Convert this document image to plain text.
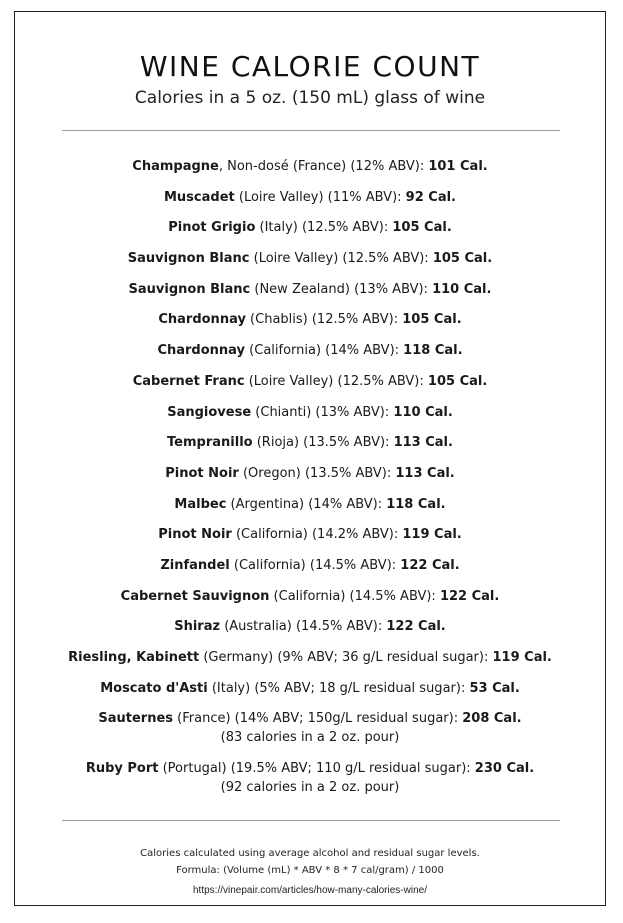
WINE CALORIE COUNT

Calories in a 5 oz. (150 mL) glass of wine

Champagne, Non-dosé (France) (12% ABV): 101 Cal.
Muscadet (Loire Valley) (11% ABV): 92 Cal.
Pinot Grigio (Italy) (12.5% ABV): 105 Cal.
Sauvignon Blanc (Loire Valley) (12.5% ABV): 105 Cal.
Sauvignon Blanc (New Zealand) (13% ABV): 110 Cal.
Chardonnay (Chablis) (12.5% ABV): 105 Cal.
Chardonnay (California) (14% ABV): 118 Cal.
Cabernet Franc (Loire Valley) (12.5% ABV): 105 Cal.
Sangiovese (Chianti) (13% ABV): 110 Cal.
Tempranillo (Rioja) (13.5% ABV): 113 Cal.
Pinot Noir (Oregon) (13.5% ABV): 113 Cal.
Malbec (Argentina) (14% ABV): 118 Cal.
Pinot Noir (California) (14.2% ABV): 119 Cal.
Zinfandel (California) (14.5% ABV): 122 Cal.
Cabernet Sauvignon (California) (14.5% ABV): 122 Cal.
Shiraz (Australia) (14.5% ABV): 122 Cal.
Riesling, Kabinett (Germany) (9% ABV; 36 g/L residual sugar): 119 Cal.
Moscato d'Asti (Italy) (5% ABV; 18 g/L residual sugar): 53 Cal.
Sauternes (France) (14% ABV; 150g/L residual sugar): 208 Cal.
(83 calories in a 2 oz. pour)
Ruby Port (Portugal) (19.5% ABV; 110 g/L residual sugar): 230 Cal.
(92 calories in a 2 oz. pour)
Calories calculated using average alcohol and residual sugar levels.
Formula: (Volume (mL) * ABV * 8 * 7 cal/gram) / 1000
https://vinepair.com/articles/how-many-calories-wine/
